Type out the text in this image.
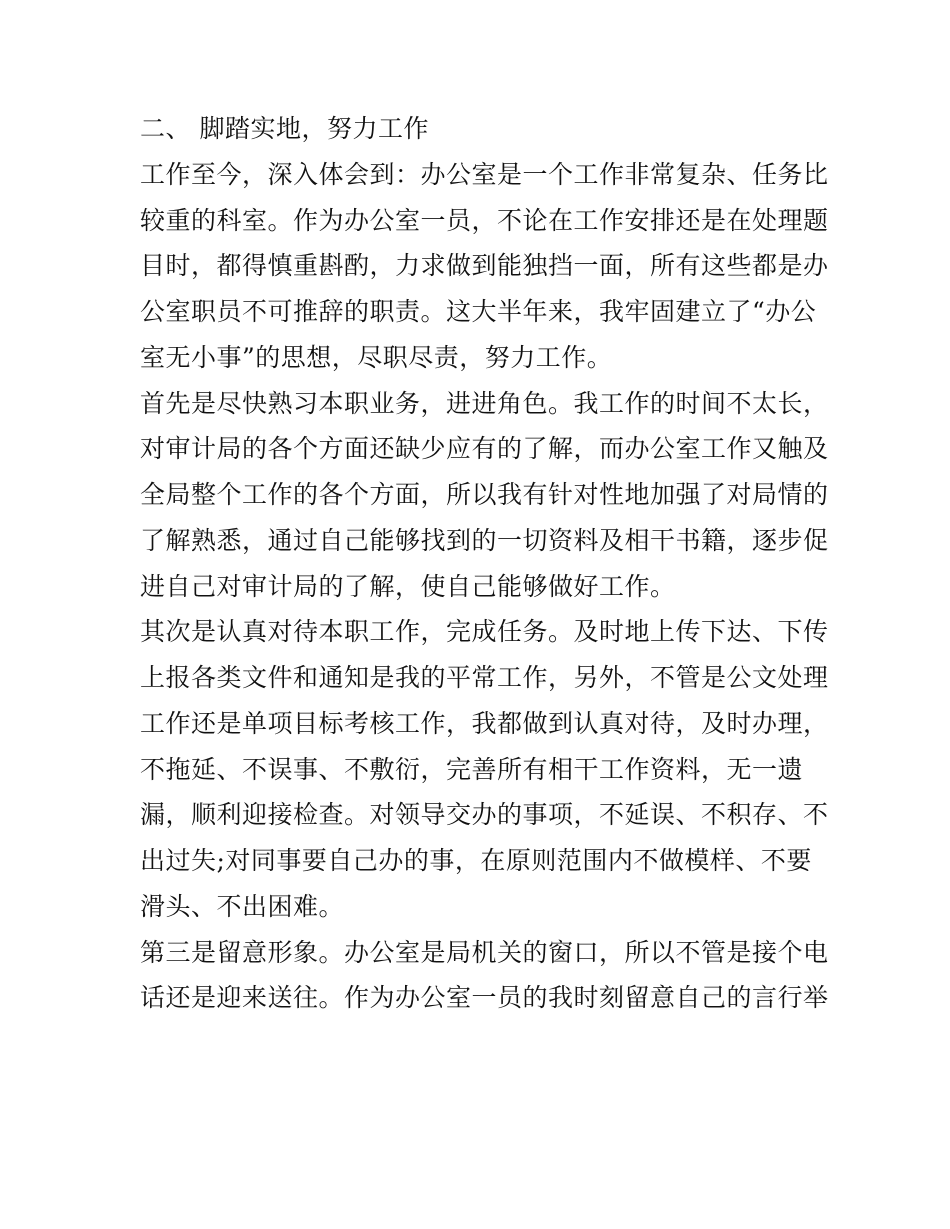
二、 脚踏实地，努力工作
工作至今，深入体会到：办公室是一个工作非常复杂、任务比
较重的科室。作为办公室一员，不论在工作安排还是在处理题
目时，都得慎重斟酌，力求做到能独挡一面，所有这些都是办
公室职员不可推辞的职责。这大半年来，我牢固建立了“办公
室无小事”的思想，尽职尽责，努力工作。
首先是尽快熟习本职业务，进进角色。我工作的时间不太长，
对审计局的各个方面还缺少应有的了解，而办公室工作又触及
全局整个工作的各个方面，所以我有针对性地加强了对局情的
了解熟悉，通过自己能够找到的一切资料及相干书籍，逐步促
进自己对审计局的了解，使自己能够做好工作。
其次是认真对待本职工作，完成任务。及时地上传下达、下传
上报各类文件和通知是我的平常工作，另外，不管是公文处理
工作还是单项目标考核工作，我都做到认真对待，及时办理，
不拖延、不误事、不敷衍，完善所有相干工作资料，无一遗
漏，顺利迎接检查。对领导交办的事项，不延误、不积存、不
出过失;对同事要自己办的事，在原则范围内不做模样、不要
滑头、不出困难。
第三是留意形象。办公室是局机关的窗口，所以不管是接个电
话还是迎来送往。作为办公室一员的我时刻留意自己的言行举
